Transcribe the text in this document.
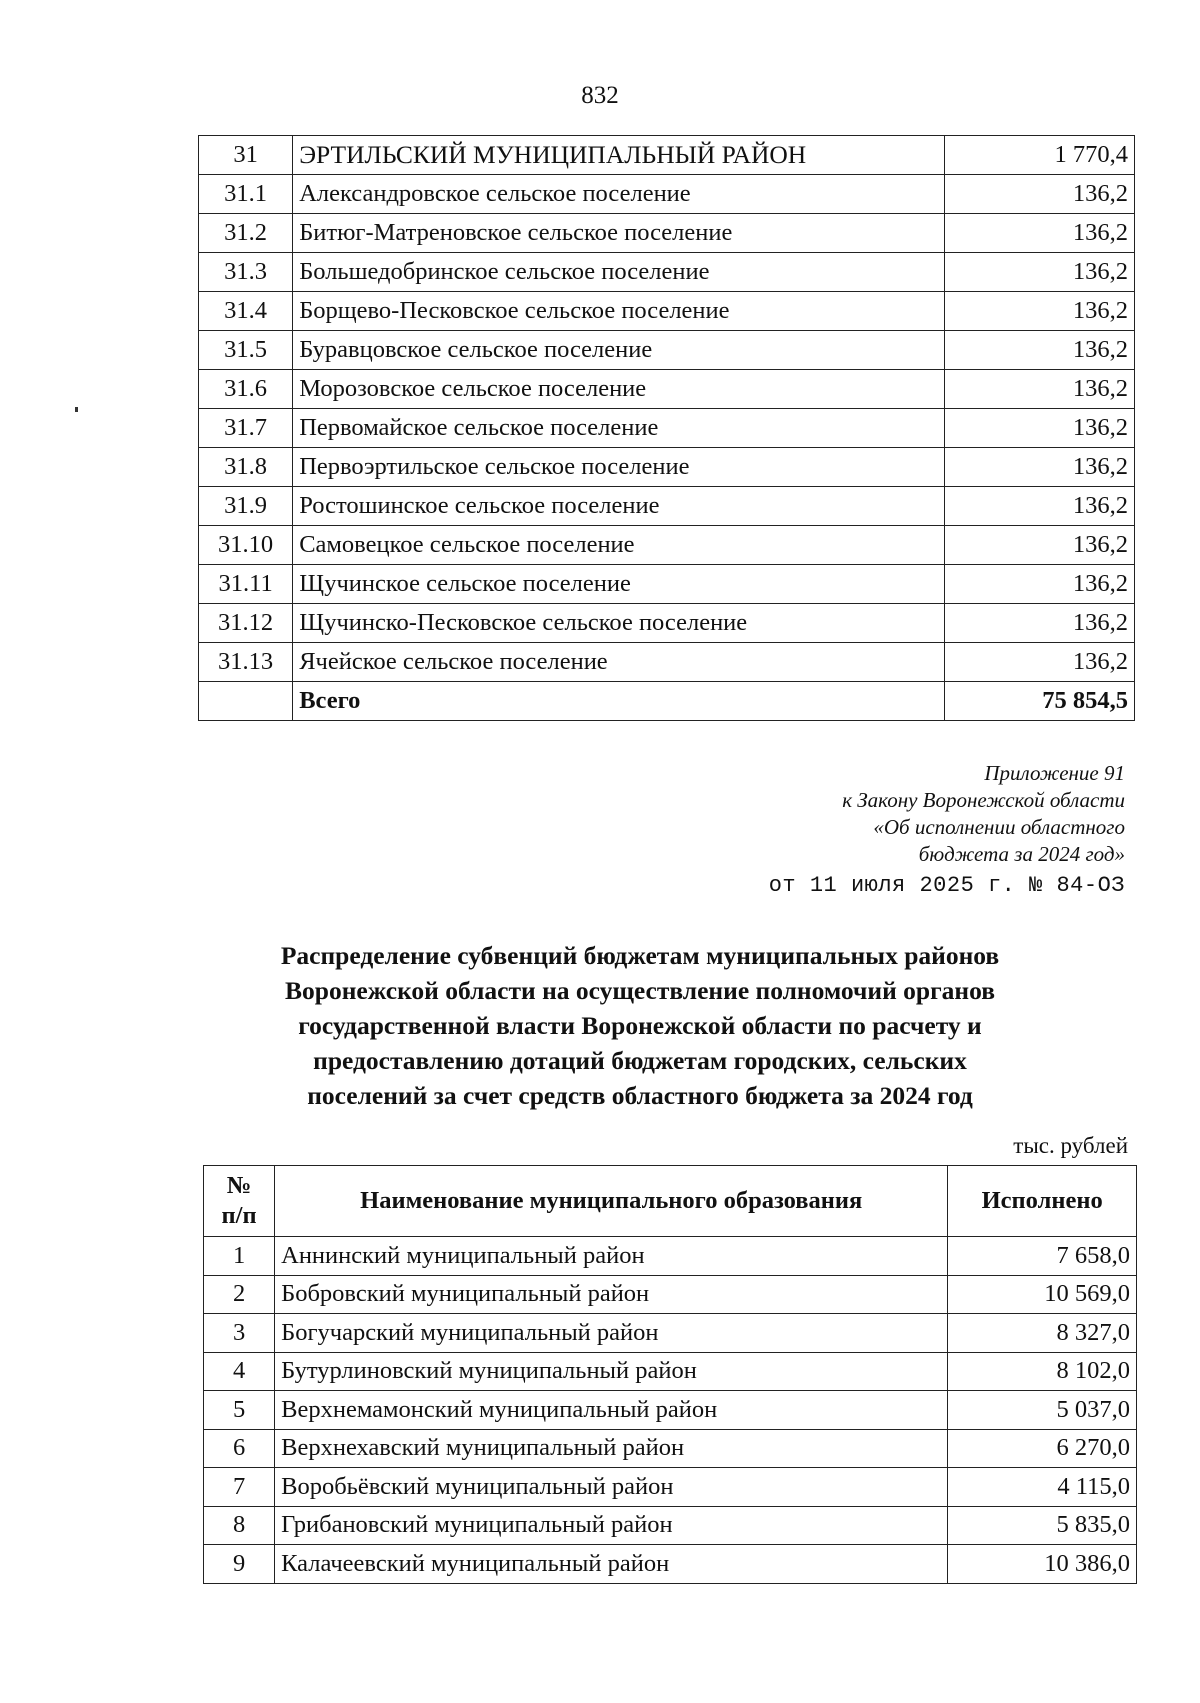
832
31	ЭРТИЛЬСКИЙ МУНИЦИПАЛЬНЫЙ РАЙОН	1 770,4
31.1	Александровское сельское поселение	136,2
31.2	Битюг-Матреновское сельское поселение	136,2
31.3	Большедобринское сельское поселение	136,2
31.4	Борщево-Песковское сельское поселение	136,2
31.5	Буравцовское сельское поселение	136,2
31.6	Морозовское сельское поселение	136,2
31.7	Первомайское сельское поселение	136,2
31.8	Первоэртильское сельское поселение	136,2
31.9	Ростошинское сельское поселение	136,2
31.10	Самовецкое сельское поселение	136,2
31.11	Щучинское сельское поселение	136,2
31.12	Щучинско-Песковское сельское поселение	136,2
31.13	Ячейское сельское поселение	136,2
	Всего	75 854,5
Приложение 91
к Закону Воронежской области
«Об исполнении областного
бюджета за 2024 год»
от 11 июля 2025 г. № 84-ОЗ
Распределение субвенций бюджетам муниципальных районов
Воронежской области на осуществление полномочий органов
государственной власти Воронежской области по расчету и
предоставлению дотаций бюджетам городских, сельских
поселений за счет средств областного бюджета за 2024 год
тыс. рублей
№
п/п	Наименование муниципального образования	Исполнено
1	Аннинский муниципальный район	7 658,0
2	Бобровский муниципальный район	10 569,0
3	Богучарский муниципальный район	8 327,0
4	Бутурлиновский муниципальный район	8 102,0
5	Верхнемамонский муниципальный район	5 037,0
6	Верхнехавский муниципальный район	6 270,0
7	Воробьёвский муниципальный район	4 115,0
8	Грибановский муниципальный район	5 835,0
9	Калачеевский муниципальный район	10 386,0
